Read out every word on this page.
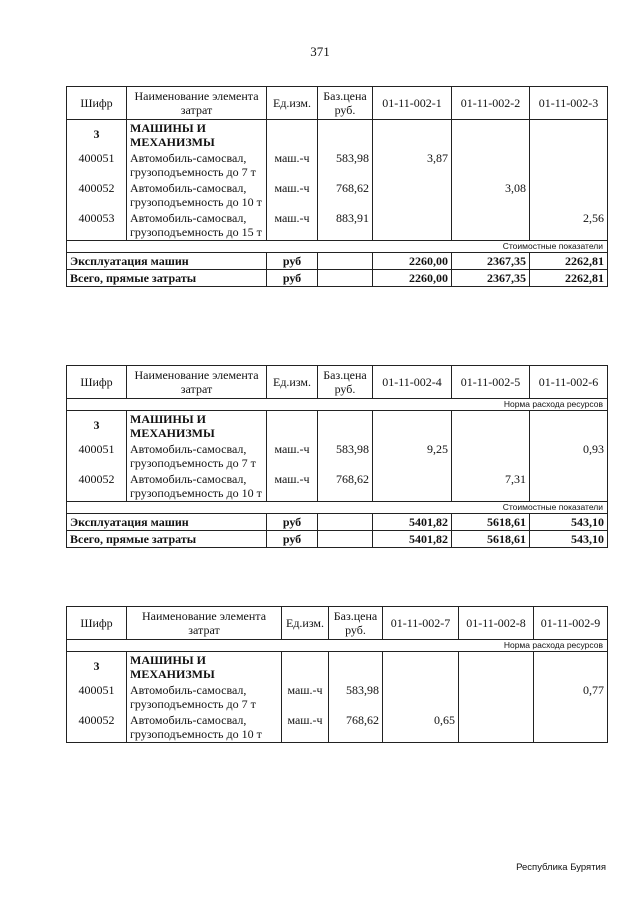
371
Шифр	Наименование элемента затрат	Ед.изм.	Баз.цена руб.	01-11-002-1	01-11-002-2	01-11-002-3
3	МАШИНЫ И МЕХАНИЗМЫ					
400051	Автомобиль-самосвал, грузоподъемность до 7 т	маш.-ч	583,98	3,87		
400052	Автомобиль-самосвал, грузоподъемность до 10 т	маш.-ч	768,62		3,08	
400053	Автомобиль-самосвал, грузоподъемность до 15 т	маш.-ч	883,91			2,56
Стоимостные показатели						
Эксплуатация машин		руб		2260,00	2367,35	2262,81
Всего, прямые затраты		руб		2260,00	2367,35	2262,81
Шифр	Наименование элемента затрат	Ед.изм.	Баз.цена руб.	01-11-002-4	01-11-002-5	01-11-002-6
Норма расхода ресурсов						
3	МАШИНЫ И МЕХАНИЗМЫ					
400051	Автомобиль-самосвал, грузоподъемность до 7 т	маш.-ч	583,98	9,25		0,93
400052	Автомобиль-самосвал, грузоподъемность до 10 т	маш.-ч	768,62		7,31	
Стоимостные показатели						
Эксплуатация машин		руб		5401,82	5618,61	543,10
Всего, прямые затраты		руб		5401,82	5618,61	543,10
Шифр	Наименование элемента затрат	Ед.изм.	Баз.цена руб.	01-11-002-7	01-11-002-8	01-11-002-9
Норма расхода ресурсов						
3	МАШИНЫ И МЕХАНИЗМЫ					
400051	Автомобиль-самосвал, грузоподъемность до 7 т	маш.-ч	583,98			0,77
400052	Автомобиль-самосвал, грузоподъемность до 10 т	маш.-ч	768,62	0,65		
Республика Бурятия
